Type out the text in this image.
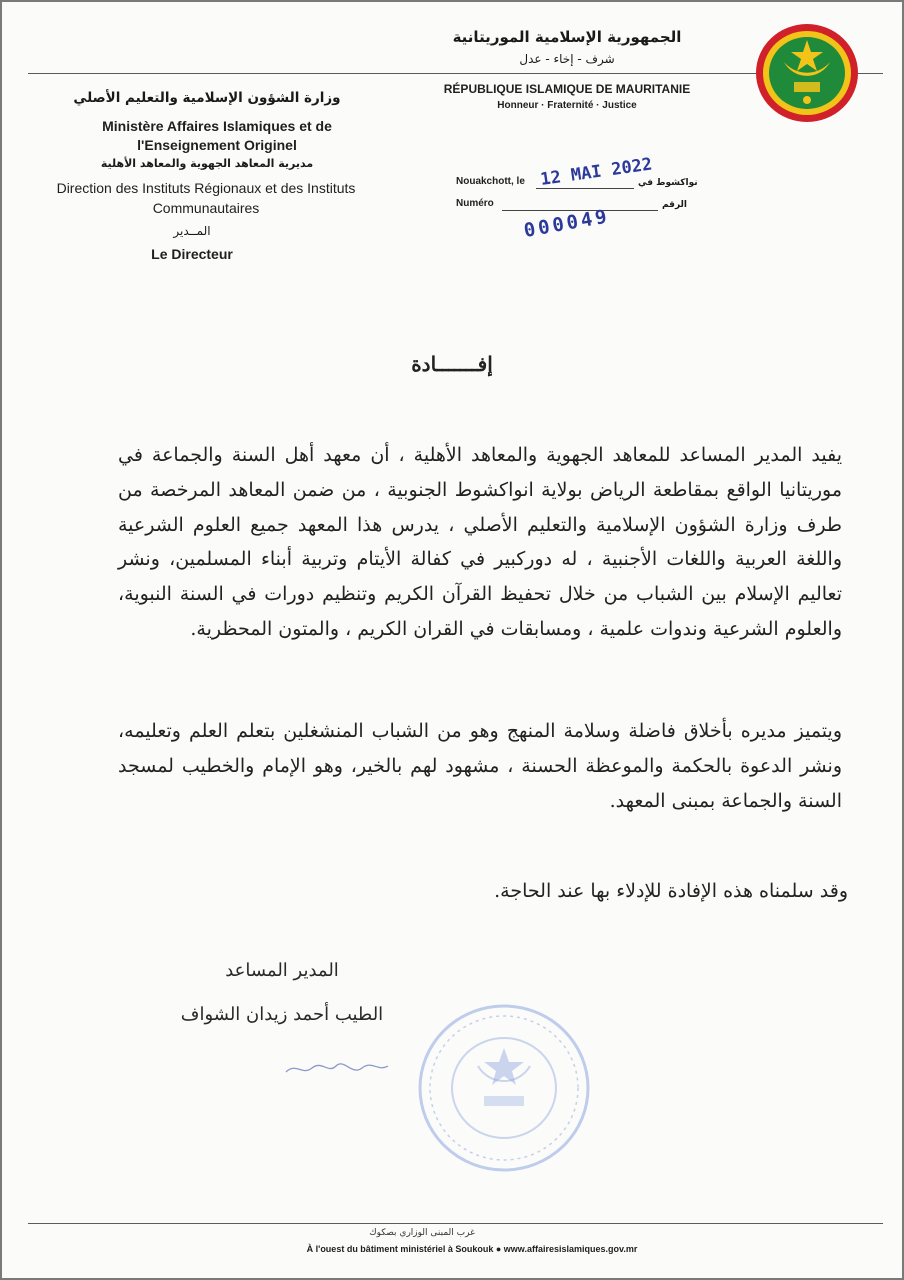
الجمهورية الإسلامية الموريتانية
شرف - إخاء - عدل
RÉPUBLIQUE ISLAMIQUE DE MAURITANIE
Honneur · Fraternité · Justice
وزارة الشؤون الإسلامية والتعليم الأصلي
Ministère Affaires Islamiques et de
l'Enseignement Originel
مديرية المعاهد الجهوية والمعاهد الأهلية
Direction des Instituts Régionaux et des Instituts
Communautaires
المــدير
Le Directeur
Nouakchott, le	نواكشوط في
12 MAI 2022
Numéro	الرقم
000049
إفـــــــادة
يفيد المدير المساعد للمعاهد الجهوية والمعاهد الأهلية ، أن معهد أهل السنة والجماعة في موريتانيا الواقع بمقاطعة الرياض بولاية انواكشوط الجنوبية ، من ضمن المعاهد المرخصة من طرف وزارة الشؤون الإسلامية والتعليم الأصلي ، يدرس هذا المعهد جميع العلوم الشرعية واللغة العربية واللغات الأجنبية ، له دوركبير في كفالة الأيتام وتربية أبناء المسلمين، ونشر تعاليم الإسلام بين الشباب من خلال تحفيظ القرآن الكريم وتنظيم دورات في السنة النبوية، والعلوم الشرعية وندوات علمية ، ومسابقات في القران الكريم ، والمتون المحظرية.
ويتميز مديره بأخلاق فاضلة وسلامة المنهج وهو من الشباب المنشغلين بتعلم العلم وتعليمه، ونشر الدعوة بالحكمة والموعظة الحسنة ، مشهود لهم بالخير، وهو الإمام والخطيب لمسجد السنة والجماعة بمبنى المعهد.
وقد سلمناه هذه الإفادة للإدلاء بها عند الحاجة.
المدير المساعد
الطيب أحمد زيدان الشواف
غرب المبنى الوزاري بصكوك
À l'ouest du bâtiment ministériel à Soukouk ● www.affairesislamiques.gov.mr
